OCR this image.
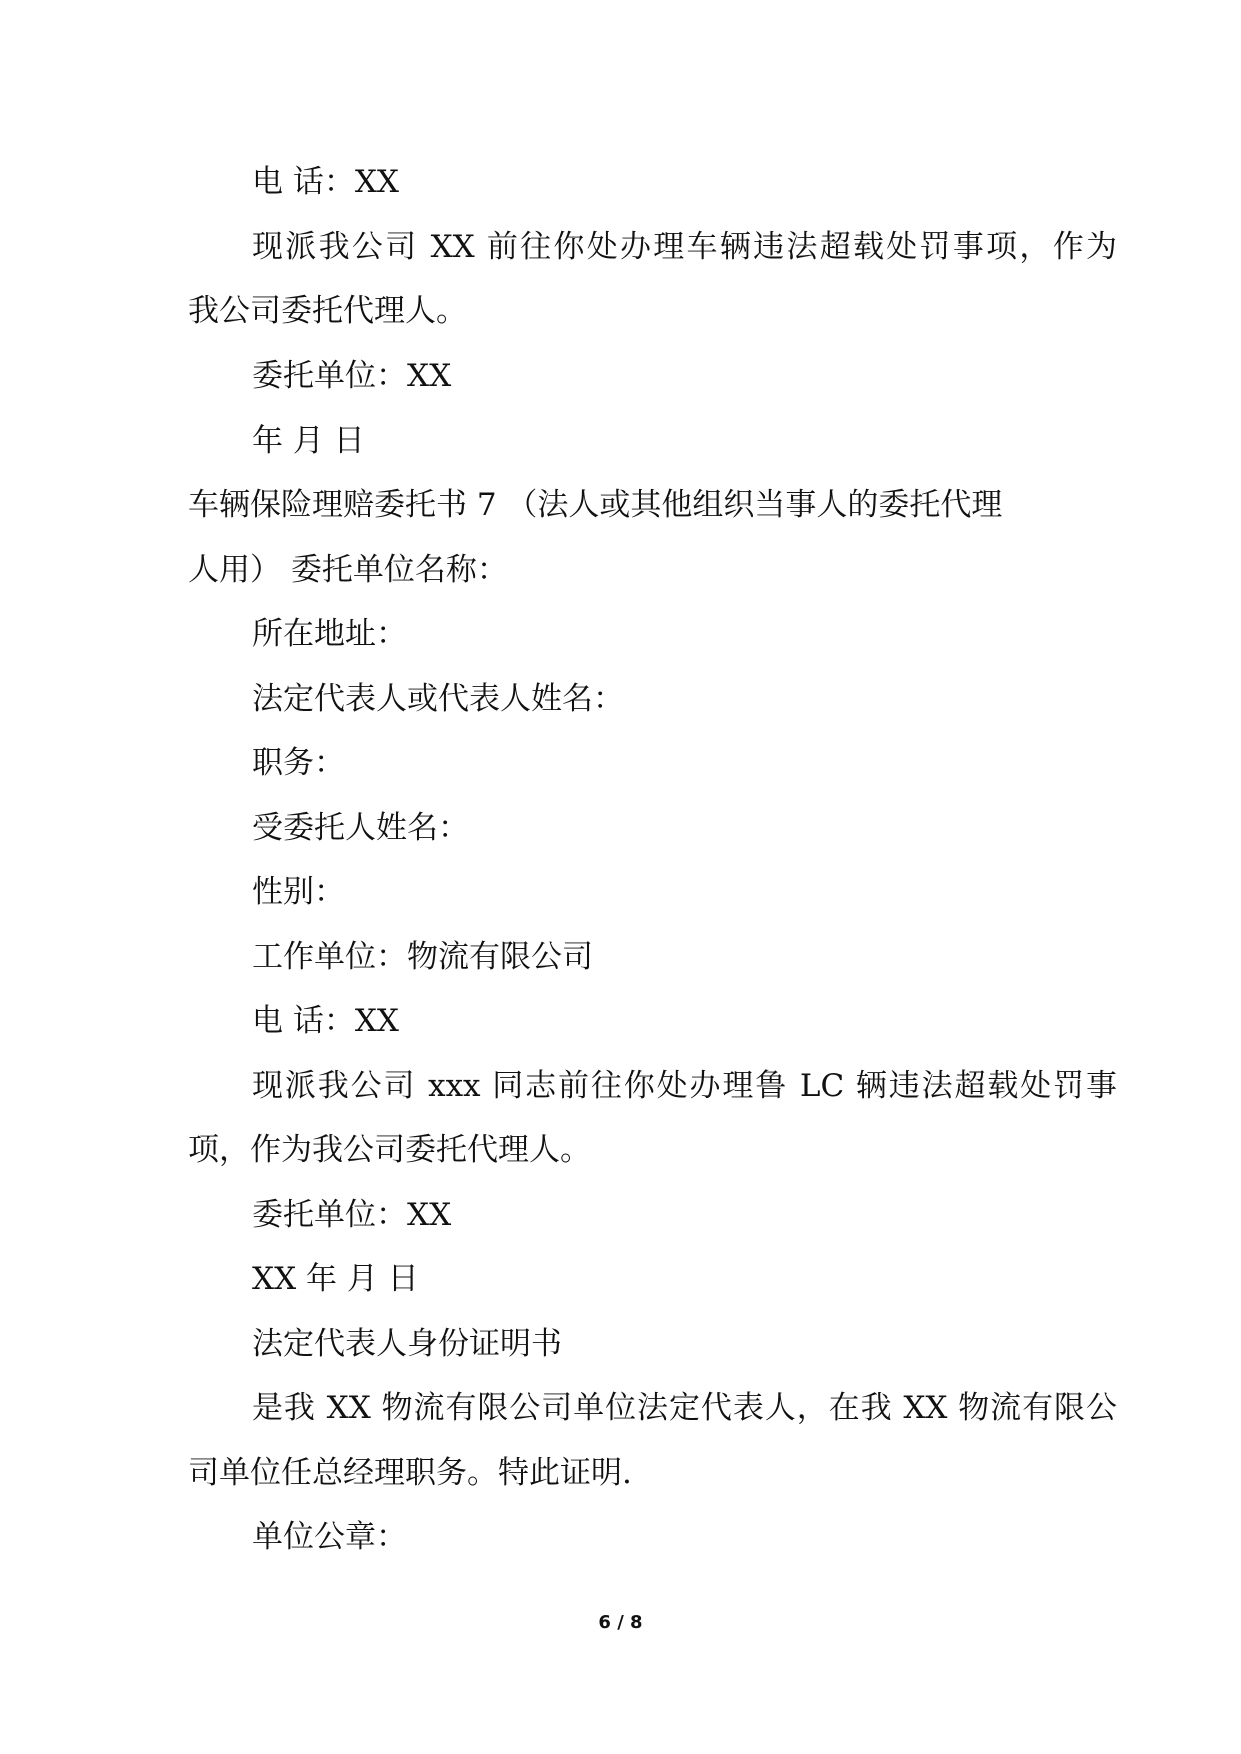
电 话：XX
现派我公司 XX 前往你处办理车辆违法超载处罚事项，作为
我公司委托代理人。
委托单位：XX
年 月 日
车辆保险理赔委托书 7 （法人或其他组织当事人的委托代理
人用） 委托单位名称：
所在地址：
法定代表人或代表人姓名：
职务：
受委托人姓名：
性别：
工作单位：物流有限公司
电 话：XX
现派我公司 xxx 同志前往你处办理鲁 LC 辆违法超载处罚事
项，作为我公司委托代理人。
委托单位：XX
XX 年 月 日
法定代表人身份证明书
是我 XX 物流有限公司单位法定代表人，在我 XX 物流有限公
司单位任总经理职务。特此证明.
单位公章：
6 / 8
